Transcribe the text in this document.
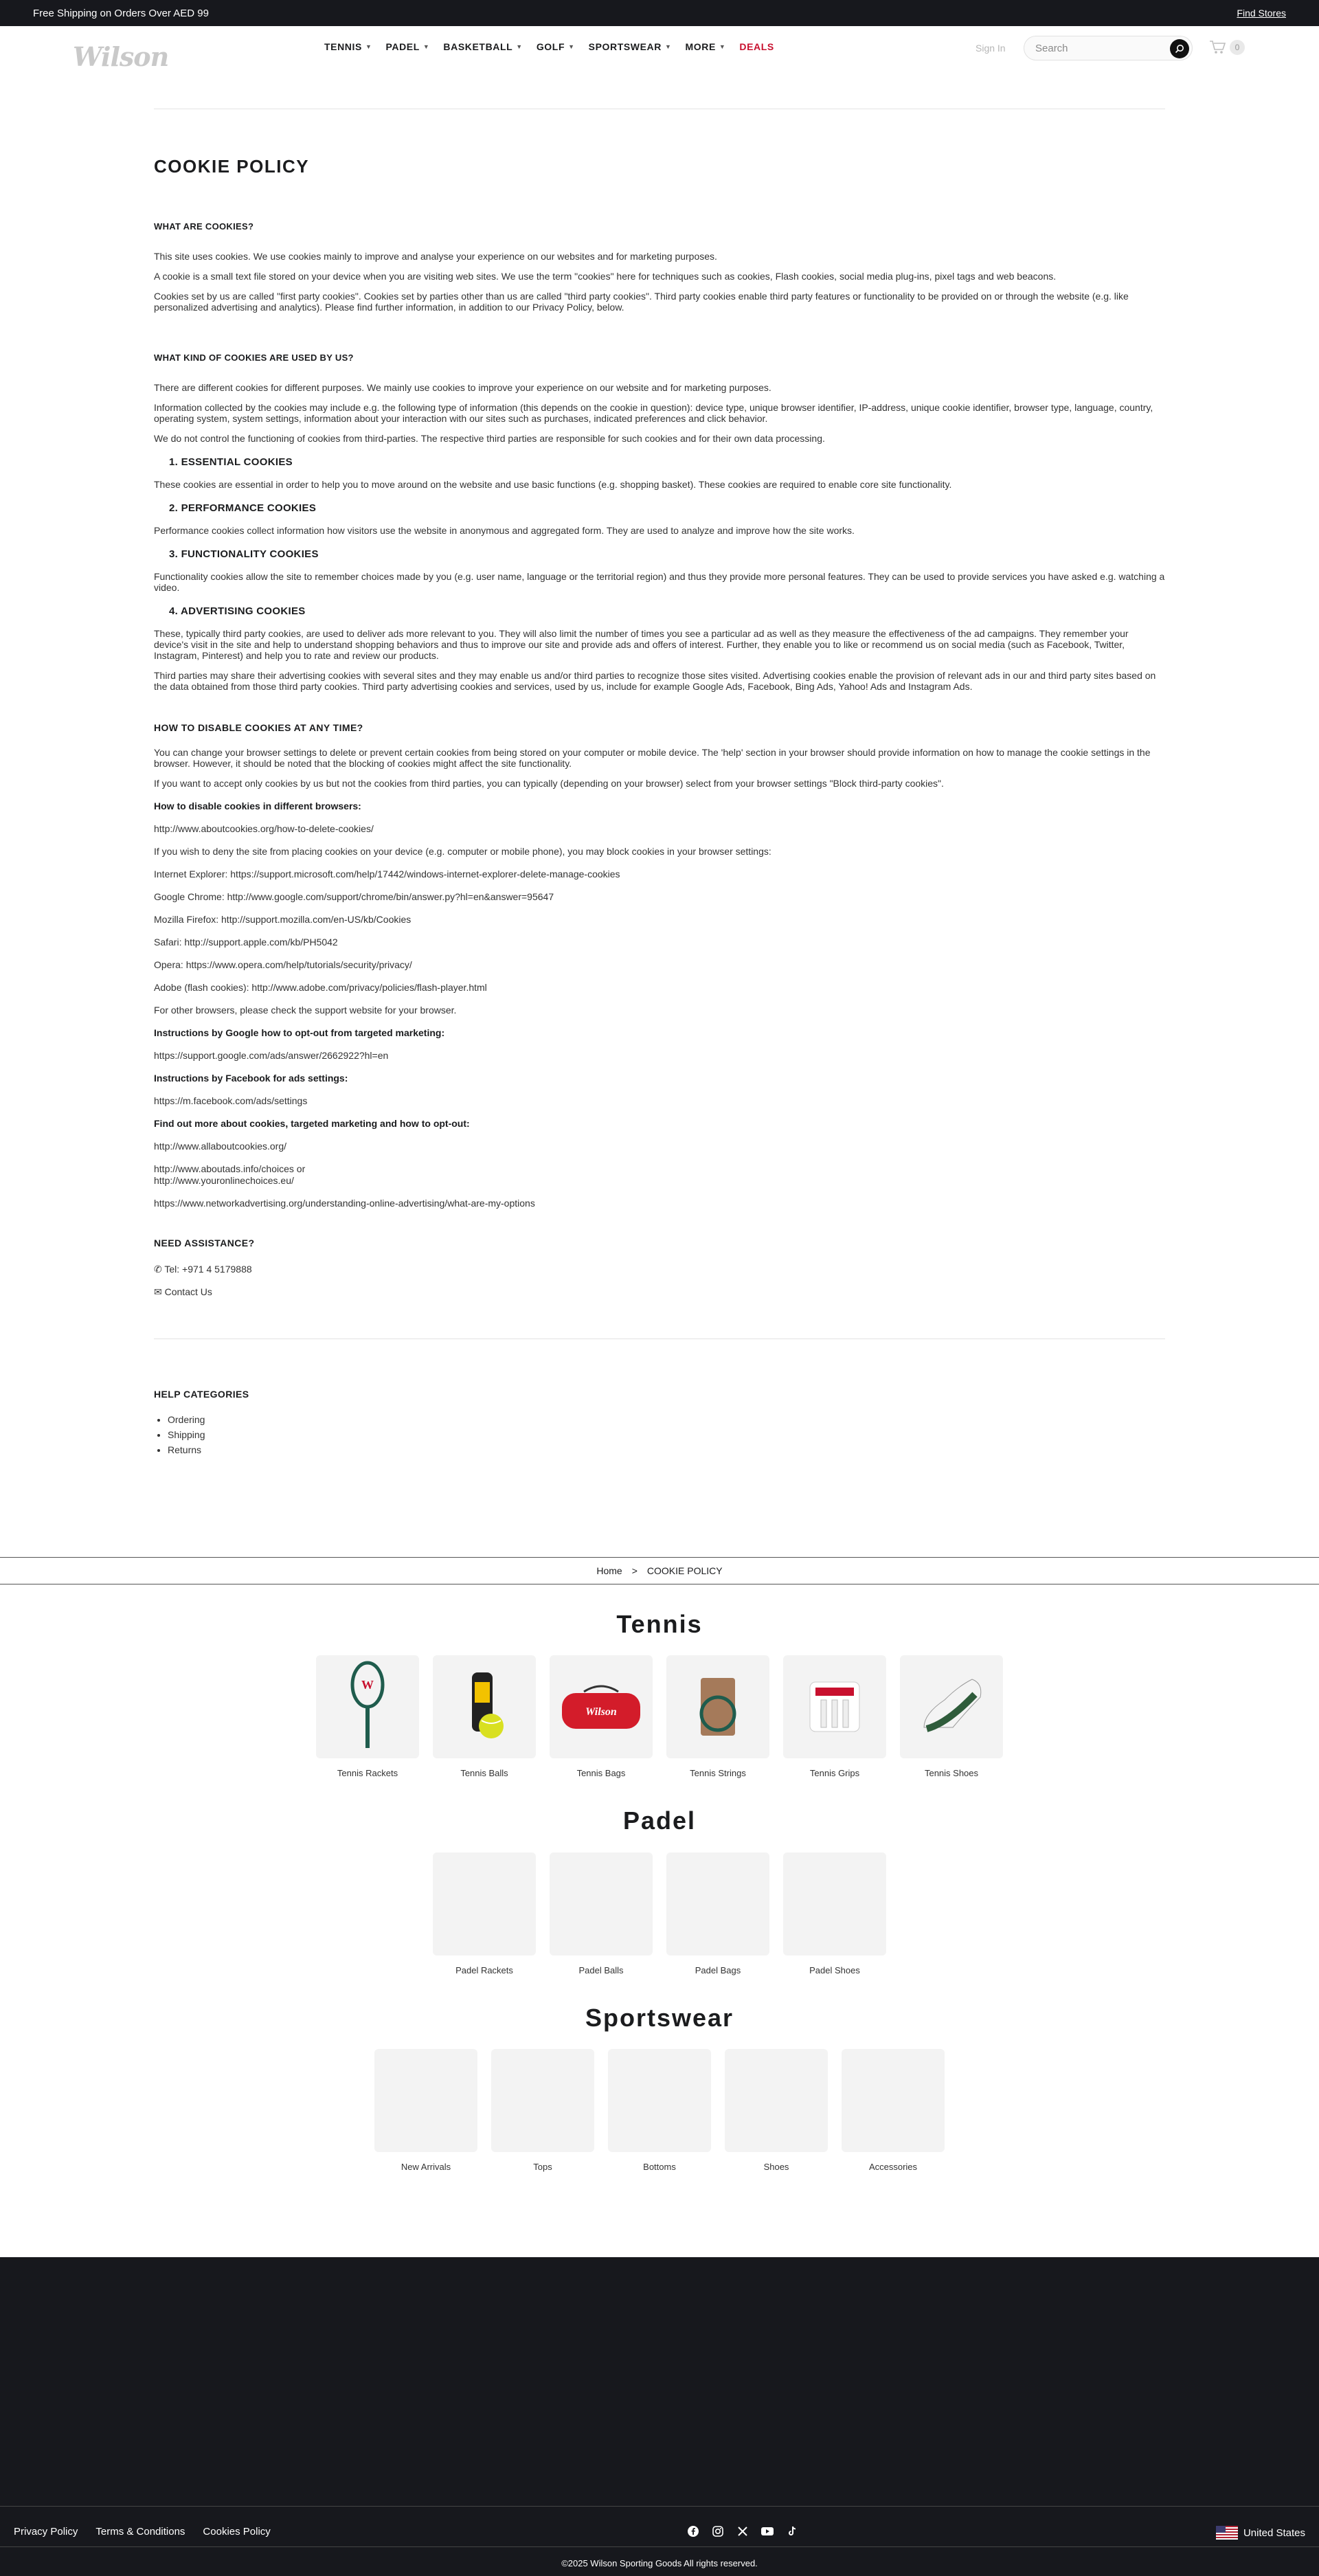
Free Shipping on Orders Over AED 99	Find Stores
Wilson	TENNIS ▼ PADEL ▼ BASKETBALL ▼ GOLF ▼ SPORTSWEAR ▼ MORE ▼ DEALS	Sign In	Search	0
COOKIE POLICY
WHAT ARE COOKIES?

This site uses cookies. We use cookies mainly to improve and analyse your experience on our websites and for marketing purposes.

A cookie is a small text file stored on your device when you are visiting web sites. We use the term "cookies" here for techniques such as cookies, Flash cookies, social media plug-ins, pixel tags and web beacons.

Cookies set by us are called "first party cookies". Cookies set by parties other than us are called "third party cookies". Third party cookies enable third party features or functionality to be provided on or through the website (e.g. like personalized advertising and analytics). Please find further information, in addition to our Privacy Policy, below.

WHAT KIND OF COOKIES ARE USED BY US?

There are different cookies for different purposes. We mainly use cookies to improve your experience on our website and for marketing purposes.

Information collected by the cookies may include e.g. the following type of information (this depends on the cookie in question): device type, unique browser identifier, IP-address, unique cookie identifier, browser type, language, country, operating system, system settings, information about your interaction with our sites such as purchases, indicated preferences and click behavior.

We do not control the functioning of cookies from third-parties. The respective third parties are responsible for such cookies and for their own data processing.

1. ESSENTIAL COOKIES

These cookies are essential in order to help you to move around on the website and use basic functions (e.g. shopping basket). These cookies are required to enable core site functionality.

2. PERFORMANCE COOKIES

Performance cookies collect information how visitors use the website in anonymous and aggregated form. They are used to analyze and improve how the site works.

3. FUNCTIONALITY COOKIES

Functionality cookies allow the site to remember choices made by you (e.g. user name, language or the territorial region) and thus they provide more personal features. They can be used to provide services you have asked e.g. watching a video.

4. ADVERTISING COOKIES

These, typically third party cookies, are used to deliver ads more relevant to you. They will also limit the number of times you see a particular ad as well as they measure the effectiveness of the ad campaigns. They remember your device's visit in the site and help to understand shopping behaviors and thus to improve our site and provide ads and offers of interest. Further, they enable you to like or recommend us on social media (such as Facebook, Twitter, Instagram, Pinterest) and help you to rate and review our products.

Third parties may share their advertising cookies with several sites and they may enable us and/or third parties to recognize those sites visited. Advertising cookies enable the provision of relevant ads in our and third party sites based on the data obtained from those third party cookies. Third party advertising cookies and services, used by us, include for example Google Ads, Facebook, Bing Ads, Yahoo! Ads and Instagram Ads.

HOW TO DISABLE COOKIES AT ANY TIME?

You can change your browser settings to delete or prevent certain cookies from being stored on your computer or mobile device. The 'help' section in your browser should provide information on how to manage the cookie settings in the browser. However, it should be noted that the blocking of cookies might affect the site functionality.

If you want to accept only cookies by us but not the cookies from third parties, you can typically (depending on your browser) select from your browser settings "Block third-party cookies".

How to disable cookies in different browsers:

http://www.aboutcookies.org/how-to-delete-cookies/

If you wish to deny the site from placing cookies on your device (e.g. computer or mobile phone), you may block cookies in your browser settings:

Internet Explorer: https://support.microsoft.com/help/17442/windows-internet-explorer-delete-manage-cookies

Google Chrome: http://www.google.com/support/chrome/bin/answer.py?hl=en&answer=95647

Mozilla Firefox: http://support.mozilla.com/en-US/kb/Cookies

Safari: http://support.apple.com/kb/PH5042

Opera: https://www.opera.com/help/tutorials/security/privacy/

Adobe (flash cookies): http://www.adobe.com/privacy/policies/flash-player.html

For other browsers, please check the support website for your browser.

Instructions by Google how to opt-out from targeted marketing:

https://support.google.com/ads/answer/2662922?hl=en

Instructions by Facebook for ads settings:

https://m.facebook.com/ads/settings

Find out more about cookies, targeted marketing and how to opt-out:

http://www.allaboutcookies.org/

http://www.aboutads.info/choices or

http://www.youronlinechoices.eu/

https://www.networkadvertising.org/understanding-online-advertising/what-are-my-options

NEED ASSISTANCE?

✆ Tel: +971 4 5179888

✉ Contact Us

HELP CATEGORIES
• Ordering
• Shipping
• Returns
Home > COOKIE POLICY
Tennis
W
Tennis Rackets	Tennis Balls
Wilson
Tennis Bags	Tennis Strings	Tennis Grips	Tennis Shoes
Padel
Padel Rackets	Padel Balls	Padel Bags	Padel Shoes
Sportswear
New Arrivals	Tops	Bottoms	Shoes	Accessories
Privacy Policy Terms & Conditions Cookies Policy	United States
©2025 Wilson Sporting Goods All rights reserved.
